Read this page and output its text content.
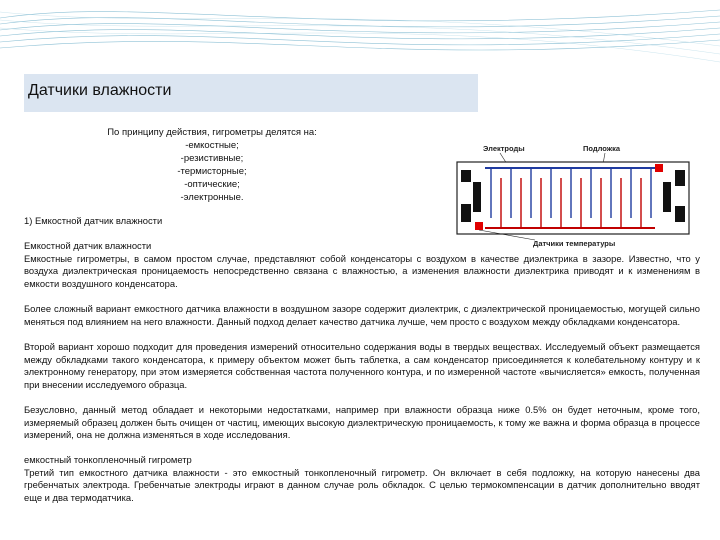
Датчики влажности
По принципу действия, гигрометры делятся на:
-емкостные;
-резистивные;
-термисторные;
-оптические;
-электронные.
Электроды	Подложка
Датчики температуры

1) Емкостной датчик влажности

Емкостной датчик влажности

Емкостные гигрометры, в самом простом случае, представляют собой конденсаторы с воздухом в качестве диэлектрика в зазоре. Известно, что у воздуха диэлектрическая проницаемость непосредственно связана с влажностью, а изменения влажности диэлектрика приводят и к изменениям в емкости воздушного конденсатора.

Более сложный вариант емкостного датчика влажности в воздушном зазоре содержит диэлектрик, с диэлектрической проницаемостью, могущей сильно меняться под влиянием на него влажности. Данный подход делает качество датчика лучше, чем просто с воздухом между обкладками конденсатора.

Второй вариант хорошо подходит для проведения измерений относительно содержания воды в твердых веществах. Исследуемый объект размещается между обкладками такого конденсатора, к примеру объектом может быть таблетка, а сам конденсатор присоединяется к колебательному контуру и к электронному генератору, при этом измеряется собственная частота полученного контура, и по измеренной частоте «вычисляется» емкость, полученная при внесении исследуемого образца.

Безусловно, данный метод обладает и некоторыми недостатками, например при влажности образца ниже 0.5% он будет неточным, кроме того, измеряемый образец должен быть очищен от частиц, имеющих высокую диэлектрическую проницаемость, к тому же важна и форма образца в процессе измерений, она не должна изменяться в ходе исследования.

емкостный тонкопленочный гигрометр

Третий тип емкостного датчика влажности - это емкостный тонкопленочный гигрометр. Он включает в себя подложку, на которую нанесены два гребенчатых электрода. Гребенчатые электроды играют в данном случае роль обкладок. С целью термокомпенсации в датчик дополнительно вводят еще и два термодатчика.
